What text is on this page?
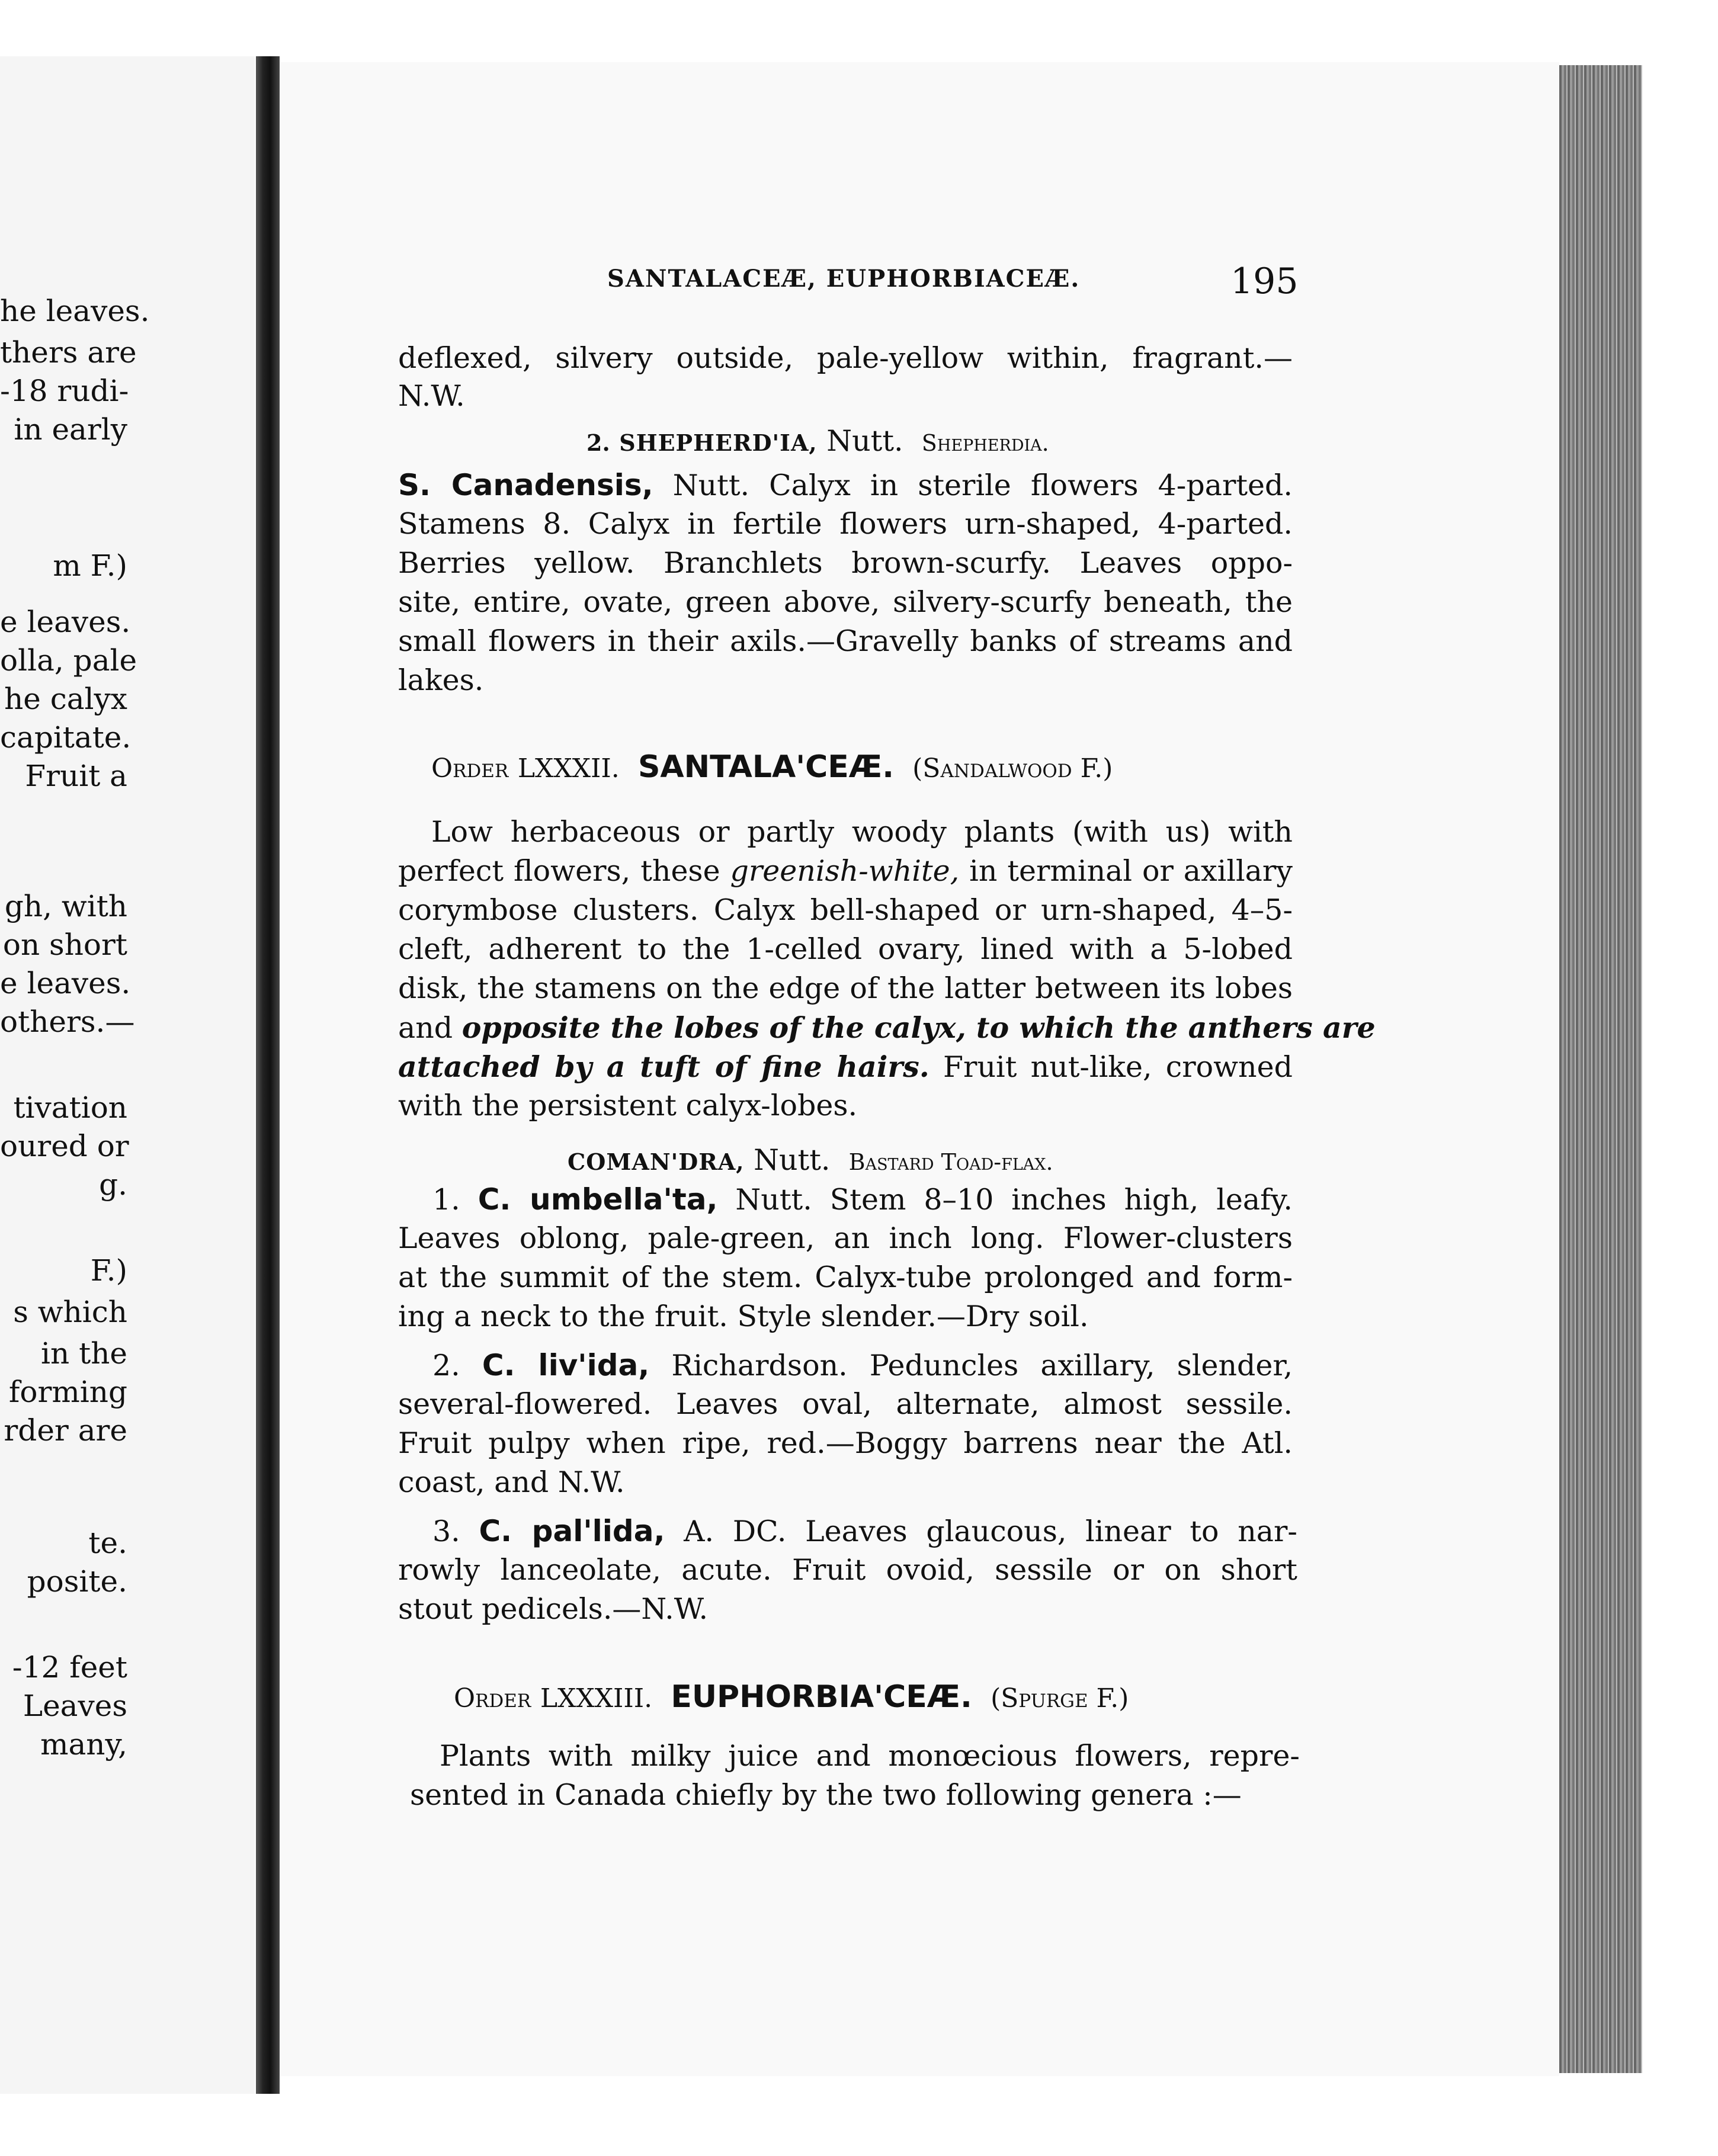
he leaves.
thers are
-18 rudi-
in early
m F.)
e leaves.
olla, pale
he calyx
capitate.
Fruit a
gh, with
on short
e leaves.
others.—
tivation
oured or
g.
F.)
s which
in the
forming
rder are
te.
posite.
-12 feet
Leaves
many,
SANTALACEÆ, EUPHORBIACEÆ.	195
deflexed, silvery outside, pale-yellow within, fragrant.—
N.W.
2. SHEPHERD'IA, Nutt. Shepherdia.
S. Canadensis, Nutt. Calyx in sterile flowers 4-parted.
Stamens 8. Calyx in fertile flowers urn-shaped, 4-parted.
Berries yellow. Branchlets brown-scurfy. Leaves oppo-
site, entire, ovate, green above, silvery-scurfy beneath, the
small flowers in their axils.—Gravelly banks of streams and
lakes.
Order LXXXII. SANTALA'CEÆ. (Sandalwood F.)
Low herbaceous or partly woody plants (with us) with
perfect flowers, these greenish-white, in terminal or axillary
corymbose clusters. Calyx bell-shaped or urn-shaped, 4–5-
cleft, adherent to the 1-celled ovary, lined with a 5-lobed
disk, the stamens on the edge of the latter between its lobes
and opposite the lobes of the calyx, to which the anthers are
attached by a tuft of fine hairs. Fruit nut-like, crowned
with the persistent calyx-lobes.
COMAN'DRA, Nutt. Bastard Toad-flax.
1. C. umbella'ta, Nutt. Stem 8–10 inches high, leafy.
Leaves oblong, pale-green, an inch long. Flower-clusters
at the summit of the stem. Calyx-tube prolonged and form-
ing a neck to the fruit. Style slender.—Dry soil.
2. C. liv'ida, Richardson. Peduncles axillary, slender,
several-flowered. Leaves oval, alternate, almost sessile.
Fruit pulpy when ripe, red.—Boggy barrens near the Atl.
coast, and N.W.
3. C. pal'lida, A. DC. Leaves glaucous, linear to nar-
rowly lanceolate, acute. Fruit ovoid, sessile or on short
stout pedicels.—N.W.
Order LXXXIII. EUPHORBIA'CEÆ. (Spurge F.)
Plants with milky juice and monœcious flowers, repre-
sented in Canada chiefly by the two following genera :—
